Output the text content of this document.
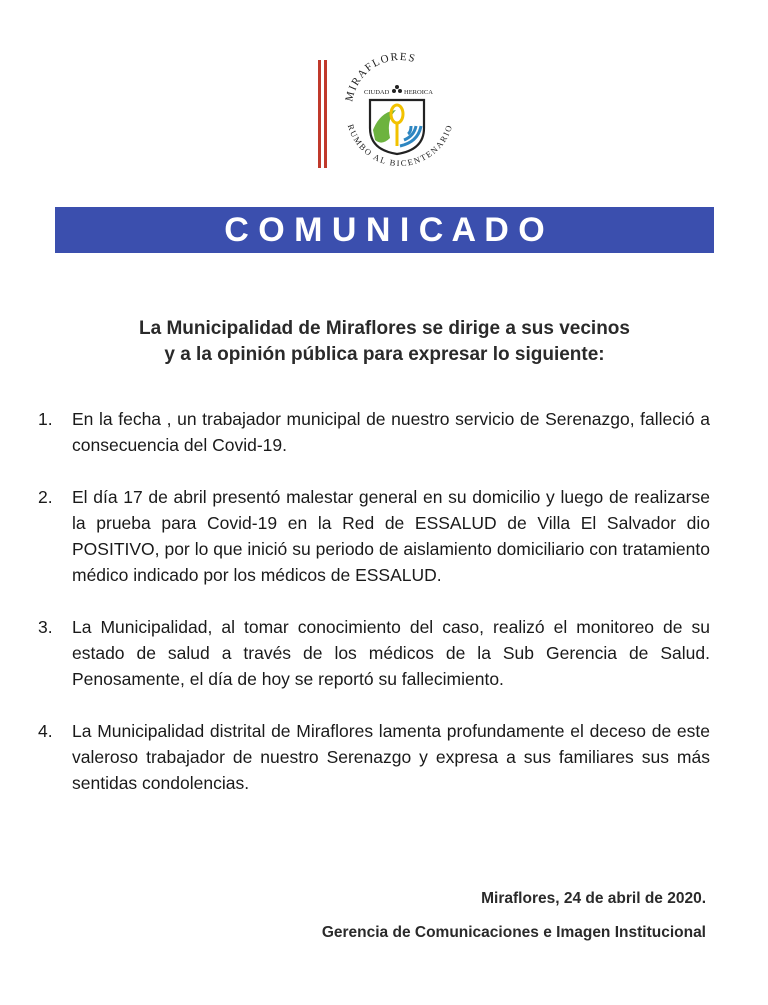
MIRAFLORES
RUMBO AL BICENTENARIO
CIUDAD HEROICA
C O M U N I C A D O
La Municipalidad de Miraflores se dirige a sus vecinos
y a la opinión pública para expresar lo siguiente:
1. En la fecha , un trabajador municipal de nuestro servicio de Serenazgo, falleció a consecuencia del Covid-19.
2. El día 17 de abril presentó malestar general en su domicilio y luego de realizarse la prueba para Covid-19 en la Red de ESSALUD de Villa El Salvador dio POSITIVO, por lo que inició su periodo de aislamiento domiciliario con tratamiento médico indicado por los médicos de ESSALUD.
3. La Municipalidad, al tomar conocimiento del caso, realizó el monitoreo de su estado de salud a través de los médicos de la Sub Gerencia de Salud. Penosamente, el día de hoy se reportó su fallecimiento.
4. La Municipalidad distrital de Miraflores lamenta profundamente el deceso de este valeroso trabajador de nuestro Serenazgo y expresa a sus familiares sus más sentidas condolencias.
Miraflores, 24 de abril de 2020.
Gerencia de Comunicaciones e Imagen Institucional
